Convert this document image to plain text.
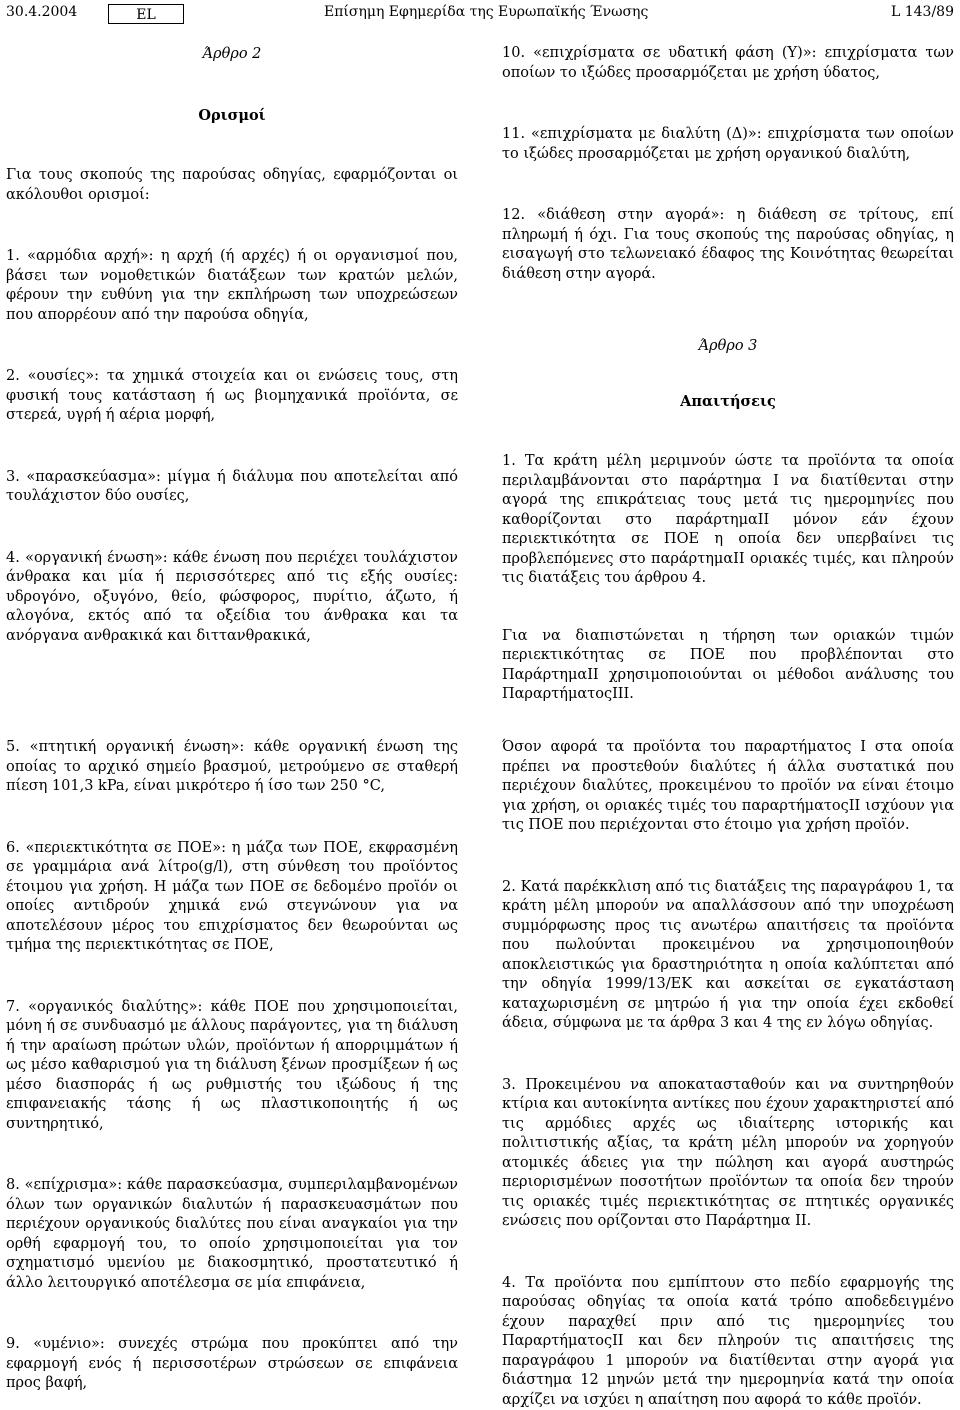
30.4.2004	EL	Επίσημη Εφημερίδα της Ευρωπαϊκής Ένωσης	L 143/89

Άρθρο 2

Ορισμοί

Για τους σκοπούς της παρούσας οδηγίας, εφαρμόζονται οι ακόλουθοι ορισμοί:

1. «αρμόδια αρχή»: η αρχή (ή αρχές) ή οι οργανισμοί που, βάσει των νομοθετικών διατάξεων των κρατών μελών, φέρουν την ευθύνη για την εκπλήρωση των υποχρεώσεων που απορρέουν από την παρούσα οδηγία,

2. «ουσίες»: τα χημικά στοιχεία και οι ενώσεις τους, στη φυσική τους κατάσταση ή ως βιομηχανικά προϊόντα, σε στερεά, υγρή ή αέρια μορφή,

3. «παρασκεύασμα»: μίγμα ή διάλυμα που αποτελείται από τουλάχιστον δύο ουσίες,

4. «οργανική ένωση»: κάθε ένωση που περιέχει τουλάχιστον άνθρακα και μία ή περισσότερες από τις εξής ουσίες: υδρογόνο, οξυγόνο, θείο, φώσφορος, πυρίτιο, άζωτο, ή αλογόνα, εκτός από τα οξείδια του άνθρακα και τα ανόργανα ανθρακικά και διττανθρακικά,

10. «επιχρίσματα σε υδατική φάση (Υ)»: επιχρίσματα των οποίων το ιξώδες προσαρμόζεται με χρήση ύδατος,

11. «επιχρίσματα με διαλύτη (Δ)»: επιχρίσματα των οποίων το ιξώδες προσαρμόζεται με χρήση οργανικού διαλύτη,

12. «διάθεση στην αγορά»: η διάθεση σε τρίτους, επί πληρωμή ή όχι. Για τους σκοπούς της παρούσας οδηγίας, η εισαγωγή στο τελωνειακό έδαφος της Κοινότητας θεωρείται διάθεση στην αγορά.

Άρθρο 3

Απαιτήσεις

1. Τα κράτη μέλη μεριμνούν ώστε τα προϊόντα τα οποία περιλαμβάνονται στο παράρτημα Ι να διατίθενται στην αγορά της επικράτειας τους μετά τις ημερομηνίες που καθορίζονται στο παράρτημαΙΙ μόνον εάν έχουν περιεκτικότητα σε ΠΟΕ η οποία δεν υπερβαίνει τις προβλεπόμενες στο παράρτημαΙΙ οριακές τιμές, και πληρούν τις διατάξεις του άρθρου 4.

Για να διαπιστώνεται η τήρηση των οριακών τιμών περιεκτικότητας σε ΠΟΕ που προβλέπονται στο ΠαράρτημαΙΙ χρησιμοποιούνται οι μέθοδοι ανάλυσης του ΠαραρτήματοςΙΙΙ.

5. «πτητική οργανική ένωση»: κάθε οργανική ένωση της οποίας το αρχικό σημείο βρασμού, μετρούμενο σε σταθερή πίεση 101,3 kPa, είναι μικρότερο ή ίσο των 250 °C,

6. «περιεκτικότητα σε ΠΟΕ»: η μάζα των ΠΟΕ, εκφρασμένη σε γραμμάρια ανά λίτρο(g/l), στη σύνθεση του προϊόντος έτοιμου για χρήση. Η μάζα των ΠΟΕ σε δεδομένο προϊόν οι οποίες αντιδρούν χημικά ενώ στεγνώνουν για να αποτελέσουν μέρος του επιχρίσματος δεν θεωρούνται ως τμήμα της περιεκτικότητας σε ΠΟΕ,

7. «οργανικός διαλύτης»: κάθε ΠΟΕ που χρησιμοποιείται, μόνη ή σε συνδυασμό με άλλους παράγοντες, για τη διάλυση ή την αραίωση πρώτων υλών, προϊόντων ή απορριμμάτων ή ως μέσο καθαρισμού για τη διάλυση ξένων προσμίξεων ή ως μέσο διασποράς ή ως ρυθμιστής του ιξώδους ή της επιφανειακής τάσης ή ως πλαστικοποιητής ή ως συντηρητικό,

8. «επίχρισμα»: κάθε παρασκεύασμα, συμπεριλαμβανομένων όλων των οργανικών διαλυτών ή παρασκευασμάτων που περιέχουν οργανικούς διαλύτες που είναι αναγκαίοι για την ορθή εφαρμογή του, το οποίο χρησιμοποιείται για τον σχηματισμό υμενίου με διακοσμητικό, προστατευτικό ή άλλο λειτουργικό αποτέλεσμα σε μία επιφάνεια,

9. «υμένιο»: συνεχές στρώμα που προκύπτει από την εφαρμογή ενός ή περισσοτέρων στρώσεων σε επιφάνεια προς βαφή,

Όσον αφορά τα προϊόντα του παραρτήματος Ι στα οποία πρέπει να προστεθούν διαλύτες ή άλλα συστατικά που περιέχουν διαλύτες, προκειμένου το προϊόν να είναι έτοιμο για χρήση, οι οριακές τιμές του παραρτήματοςΙΙ ισχύουν για τις ΠΟΕ που περιέχονται στο έτοιμο για χρήση προϊόν.

2. Κατά παρέκκλιση από τις διατάξεις της παραγράφου 1, τα κράτη μέλη μπορούν να απαλλάσσουν από την υποχρέωση συμμόρφωσης προς τις ανωτέρω απαιτήσεις τα προϊόντα που πωλούνται προκειμένου να χρησιμοποιηθούν αποκλειστικώς για δραστηριότητα η οποία καλύπτεται από την οδηγία 1999/13/ΕΚ και ασκείται σε εγκατάσταση καταχωρισμένη σε μητρώο ή για την οποία έχει εκδοθεί άδεια, σύμφωνα με τα άρθρα 3 και 4 της εν λόγω οδηγίας.

3. Προκειμένου να αποκατασταθούν και να συντηρηθούν κτίρια και αυτοκίνητα αντίκες που έχουν χαρακτηριστεί από τις αρμόδιες αρχές ως ιδιαίτερης ιστορικής και πολιτιστικής αξίας, τα κράτη μέλη μπορούν να χορηγούν ατομικές άδειες για την πώληση και αγορά αυστηρώς περιορισμένων ποσοτήτων προϊόντων τα οποία δεν τηρούν τις οριακές τιμές περιεκτικότητας σε πτητικές οργανικές ενώσεις που ορίζονται στο Παράρτημα ΙΙ.

4. Τα προϊόντα που εμπίπτουν στο πεδίο εφαρμογής της παρούσας οδηγίας τα οποία κατά τρόπο αποδεδειγμένο έχουν παραχθεί πριν από τις ημερομηνίες του ΠαραρτήματοςΙΙ και δεν πληρούν τις απαιτήσεις της παραγράφου 1 μπορούν να διατίθενται στην αγορά για διάστημα 12 μηνών μετά την ημερομηνία κατά την οποία αρχίζει να ισχύει η απαίτηση που αφορά το κάθε προϊόν.
